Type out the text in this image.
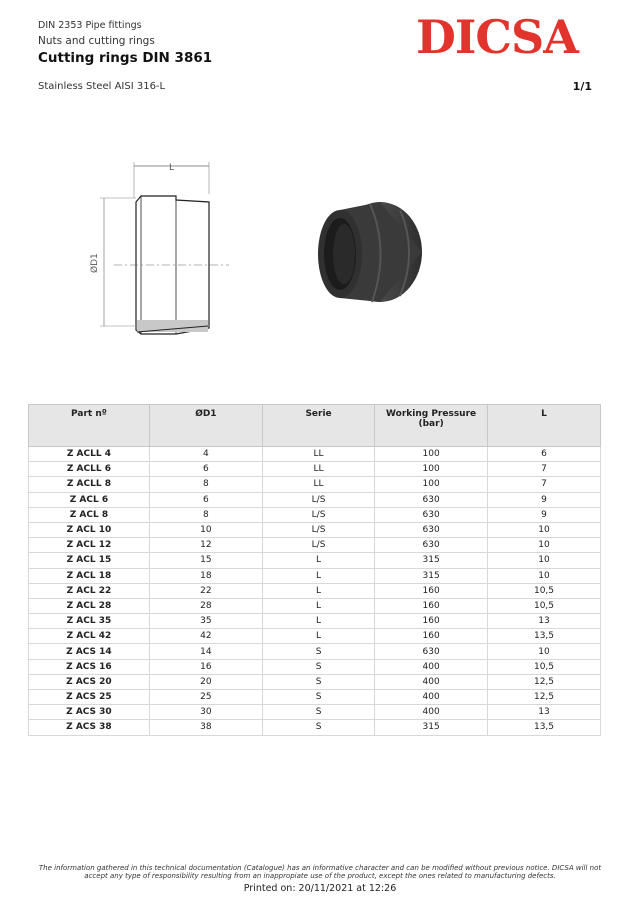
DIN 2353 Pipe fittings
Nuts and cutting rings
Cutting rings DIN 3861
Stainless Steel AISI 316-L	1/1
DICSA
L
ØD1
Part nº	ØD1	Serie	Working Pressure (bar)	L
Z ACLL 4	4	LL	100	6
Z ACLL 6	6	LL	100	7
Z ACLL 8	8	LL	100	7
Z ACL 6	6	L/S	630	9
Z ACL 8	8	L/S	630	9
Z ACL 10	10	L/S	630	10
Z ACL 12	12	L/S	630	10
Z ACL 15	15	L	315	10
Z ACL 18	18	L	315	10
Z ACL 22	22	L	160	10,5
Z ACL 28	28	L	160	10,5
Z ACL 35	35	L	160	13
Z ACL 42	42	L	160	13,5
Z ACS 14	14	S	630	10
Z ACS 16	16	S	400	10,5
Z ACS 20	20	S	400	12,5
Z ACS 25	25	S	400	12,5
Z ACS 30	30	S	400	13
Z ACS 38	38	S	315	13,5
The information gathered in this technical documentation (Catalogue) has an informative character and can be modified without previous notice. DICSA will not accept any type of responsibility resulting from an inappropiate use of the product, except the ones related to manufacturing defects.
Printed on: 20/11/2021 at 12:26
